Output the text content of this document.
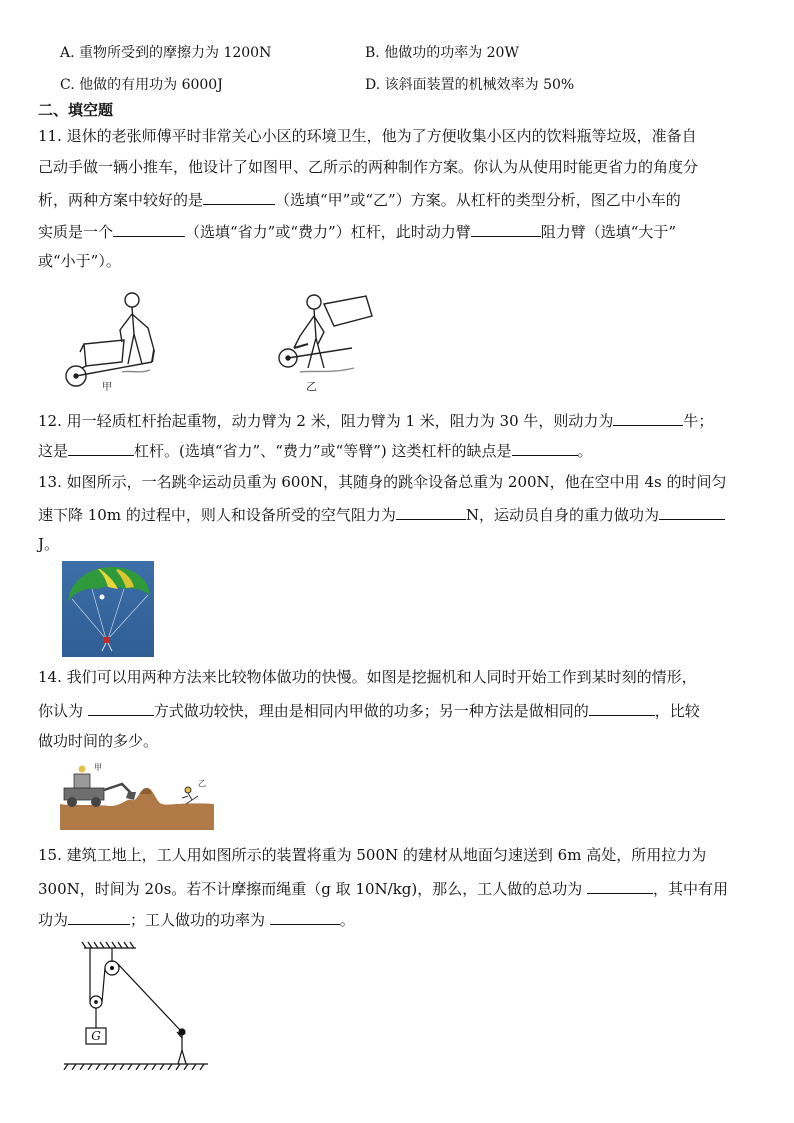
A. 重物所受到的摩擦力为 1200N	B. 他做功的功率为 20W
C. 他做的有用功为 6000J	D. 该斜面装置的机械效率为 50%
二、填空题
11. 退休的老张师傅平时非常关心小区的环境卫生，他为了方便收集小区内的饮料瓶等垃圾，准备自
己动手做一辆小推车，他设计了如图甲、乙所示的两种制作方案。你认为从使用时能更省力的角度分
析，两种方案中较好的是	（选填“甲”或“乙”）方案。从杠杆的类型分析，图乙中小车的
实质是一个	（选填“省力”或“费力”）杠杆，此时动力臂	阻力臂（选填“大于”
或“小于”）。
甲	乙
12. 用一轻质杠杆抬起重物，动力臂为 2 米，阻力臂为 1 米，阻力为 30 牛，则动力为	牛；
这是	杠杆。(选填“省力”、“费力”或“等臂”) 这类杠杆的缺点是	。
13. 如图所示，一名跳伞运动员重为 600N，其随身的跳伞设备总重为 200N，他在空中用 4s 的时间匀
速下降 10m 的过程中，则人和设备所受的空气阻力为	N，运动员自身的重力做功为
J。
14. 我们可以用两种方法来比较物体做功的快慢。如图是挖掘机和人同时开始工作到某时刻的情形，
你认为	方式做功较快，理由是相同内甲做的功多；另一种方法是做相同的	，比较
做功时间的多少。
甲
乙
15. 建筑工地上，工人用如图所示的装置将重为 500N 的建材从地面匀速送到 6m 高处，所用拉力为
300N，时间为 20s。若不计摩擦而绳重（g 取 10N/kg)，那么，工人做的总功为	，其中有用
功为	；工人做功的功率为	。
G
